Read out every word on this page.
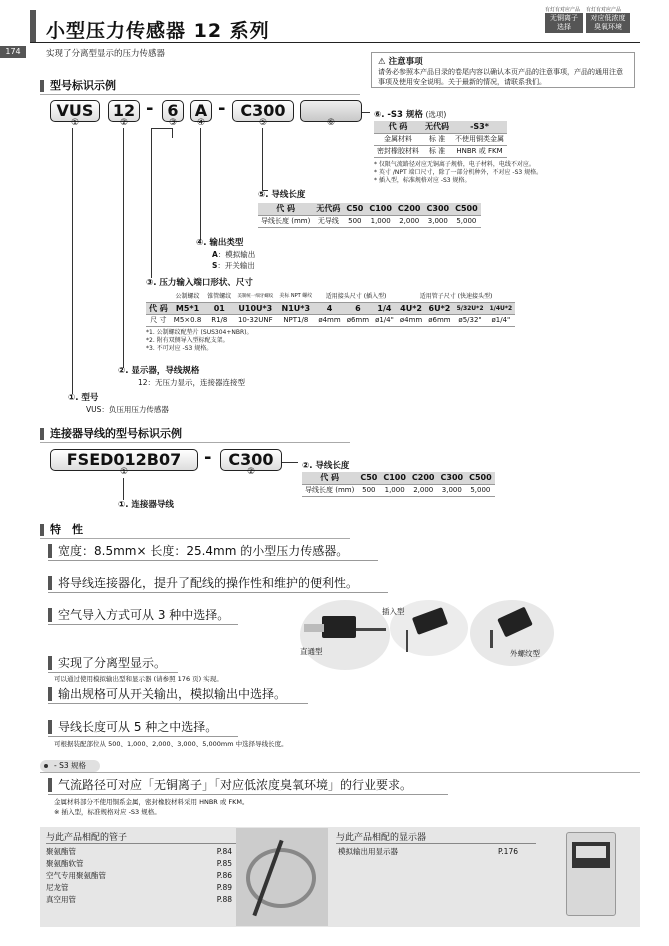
小型压力传感器 12 系列
174	实现了分离型显示的压力传感器
有灯有对应产品
无铜离子 选择
有灯有对应产品
对应低浓度 臭氧环境
⚠ 注意事项
请务必参照本产品目录的卷尾内容以确认本页产品的注意事项，产品的通用注意事项及使用安全说明。关于最新的情况，请联系我们。
型号标识示例
VUS	12 - 6	A - C300
①	②	③	④	⑤	⑥
⑥. -S3 规格 (选项)
代 码	无代码	-S3*
金属材料	标 准	不使用铜类金属
密封橡胶材料	标 准	HNBR 或 FKM
* 仅限气流路径对应无铜离子规格，电子材料，电线不对应。
* 英寸 /NPT 端口尺寸，除了一部分机种外，不对应 -S3 规格。
* 插入型，标准规格对应 -S3 规格。
⑤. 导线长度
代 码	无代码	C50	C100	C200	C300	C500
导线长度 (mm)	无导线	500	1,000	2,000	3,000	5,000
④. 输出类型
A：模拟输出
S：开关输出
③. 压力输入端口形状、尺寸
	公制螺纹	锥管螺纹	美制统一细牙螺纹	美标 NPT 螺纹	适用接头尺寸 (插入型)			适用管子尺寸 (快速接头型)			
代 码	M5*1	01	U10U*3	N1U*3	4	6	1/4	4U*2	6U*2	5/32U*2	1/4U*2
尺 寸	M5×0.8	R1/8	10-32UNF	NPT1/8	ø4mm	ø6mm	ø1/4"	ø4mm	ø6mm	ø5/32"	ø1/4"
*1. 公制螺纹配垫片 (SUS304+NBR)。
*2. 附有双侧导入型标配支架。
*3. 不可对应 -S3 规格。
②. 显示器，导线规格
12：无压力显示，连接器连接型
①. 型号
VUS：负压用压力传感器
连接器导线的型号标识示例
FSED012B07	-	C300
①	②
②. 导线长度
代 码	C50	C100	C200	C300	C500
导线长度 (mm)	500	1,000	2,000	3,000	5,000
①. 连接器导线
特　性
宽度：8.5mm× 长度：25.4mm 的小型压力传感器。
将导线连接器化，提升了配线的操作性和维护的便利性。
空气导入方式可从 3 种中选择。
实现了分离型显示。
可以通过使用模拟输出型和显示器 (请参照 176 页) 实现。
输出规格可从开关输出，模拟输出中选择。
导线长度可从 5 种之中选择。
可根据装配部位从 500、1,000、2,000、3,000、5,000mm 中选择导线长度。
直通型
插入型
外螺纹型
- S3 规格
气流路径可对应「无铜离子」「对应低浓度臭氧环境」的行业要求。
金属材料部分不使用铜系金属，密封橡胶材料采用 HNBR 或 FKM。
※ 插入型，标准规格对应 -S3 规格。
与此产品相配的管子
聚氨酯管	P.84
聚氨酯软管	P.85
空气专用聚氨酯管	P.86
尼龙管	P.89
真空用管	P.88
与此产品相配的显示器
模拟输出用显示器	P.176
